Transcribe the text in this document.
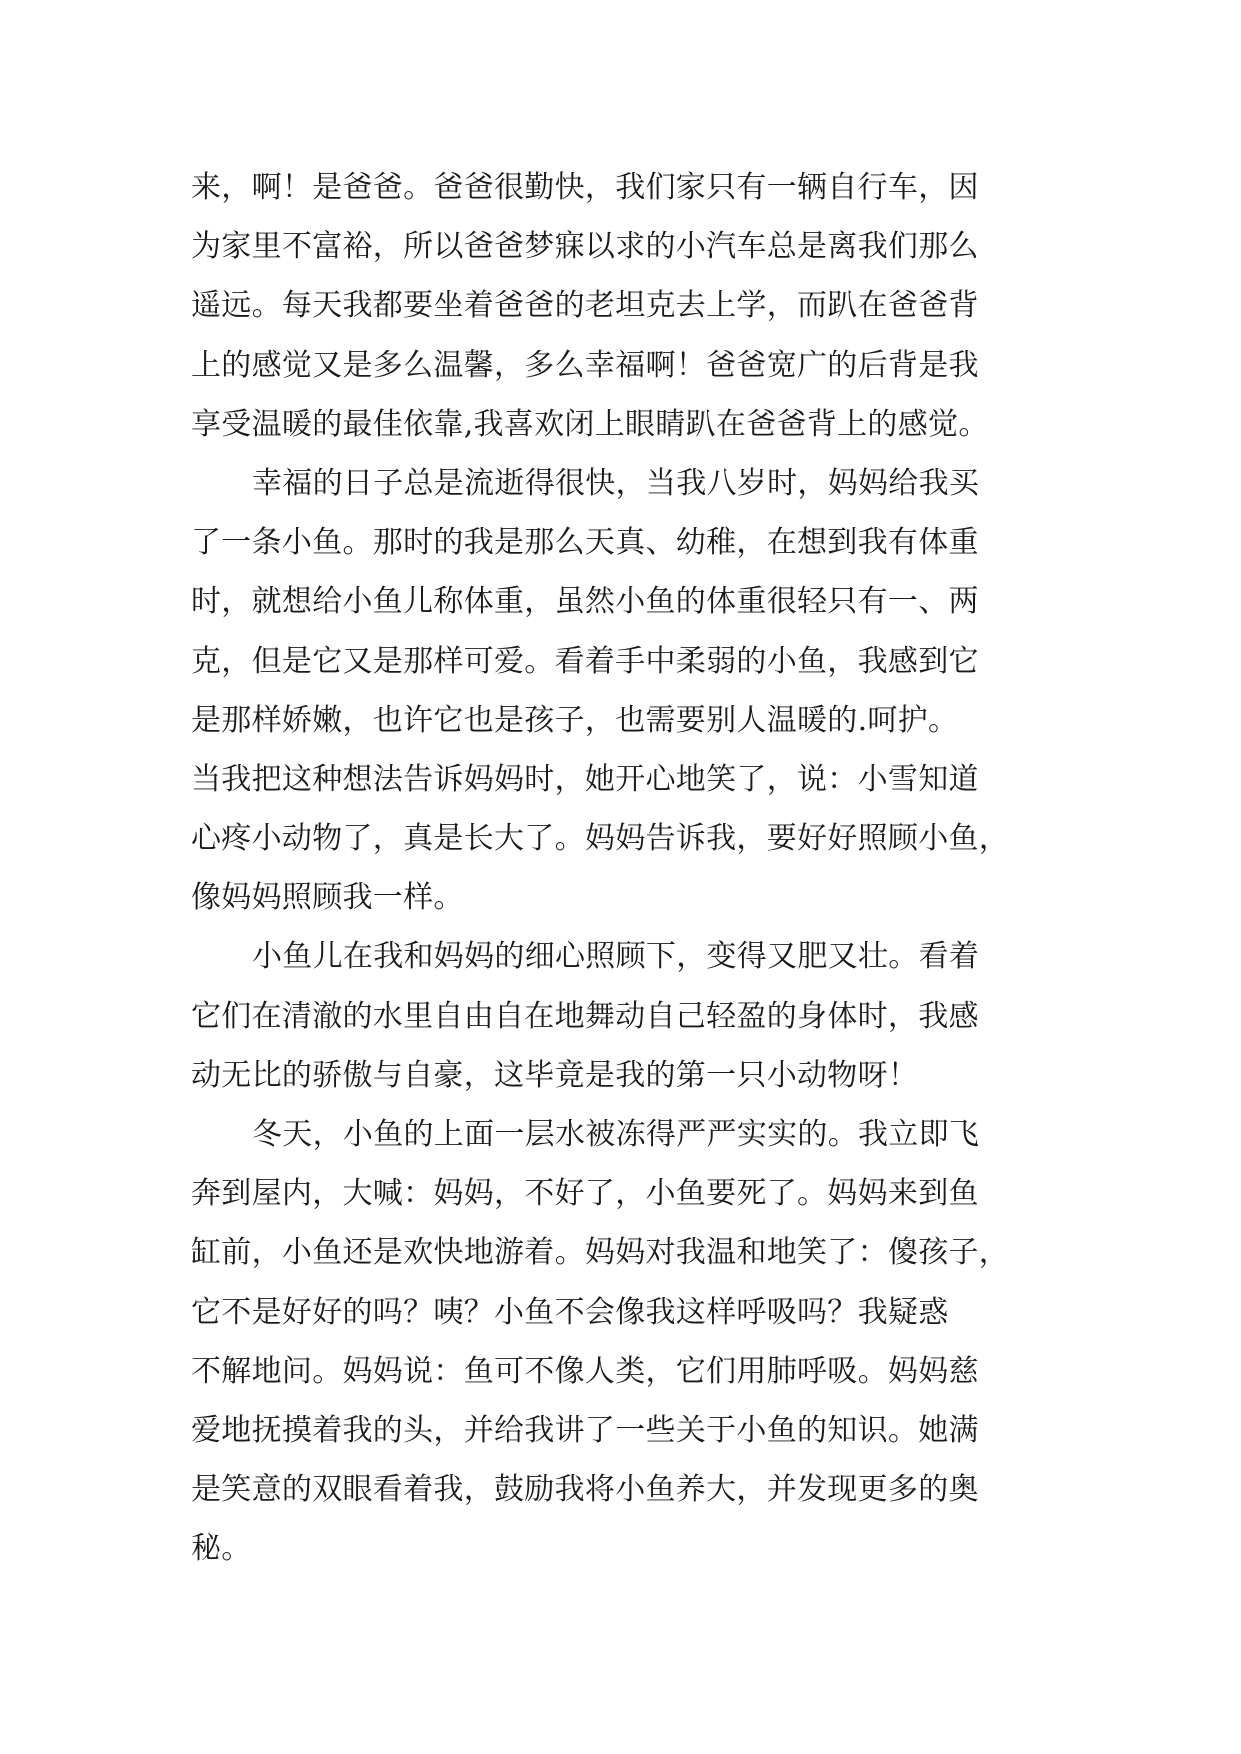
来，啊！是爸爸。爸爸很勤快，我们家只有一辆自行车，因
为家里不富裕，所以爸爸梦寐以求的小汽车总是离我们那么
遥远。每天我都要坐着爸爸的老坦克去上学，而趴在爸爸背
上的感觉又是多么温馨，多么幸福啊！爸爸宽广的后背是我
享受温暖的最佳依靠,我喜欢闭上眼睛趴在爸爸背上的感觉。
幸福的日子总是流逝得很快，当我八岁时，妈妈给我买
了一条小鱼。那时的我是那么天真、幼稚，在想到我有体重
时，就想给小鱼儿称体重，虽然小鱼的体重很轻只有一、两
克，但是它又是那样可爱。看着手中柔弱的小鱼，我感到它
是那样娇嫩，也许它也是孩子，也需要别人温暖的.呵护。
当我把这种想法告诉妈妈时，她开心地笑了，说：小雪知道
心疼小动物了，真是长大了。妈妈告诉我，要好好照顾小鱼，
像妈妈照顾我一样。
小鱼儿在我和妈妈的细心照顾下，变得又肥又壮。看着
它们在清澈的水里自由自在地舞动自己轻盈的身体时，我感
动无比的骄傲与自豪，这毕竟是我的第一只小动物呀！
冬天，小鱼的上面一层水被冻得严严实实的。我立即飞
奔到屋内，大喊：妈妈，不好了，小鱼要死了。妈妈来到鱼
缸前，小鱼还是欢快地游着。妈妈对我温和地笑了：傻孩子，
它不是好好的吗？咦？小鱼不会像我这样呼吸吗？我疑惑
不解地问。妈妈说：鱼可不像人类，它们用肺呼吸。妈妈慈
爱地抚摸着我的头，并给我讲了一些关于小鱼的知识。她满
是笑意的双眼看着我，鼓励我将小鱼养大，并发现更多的奥
秘。
